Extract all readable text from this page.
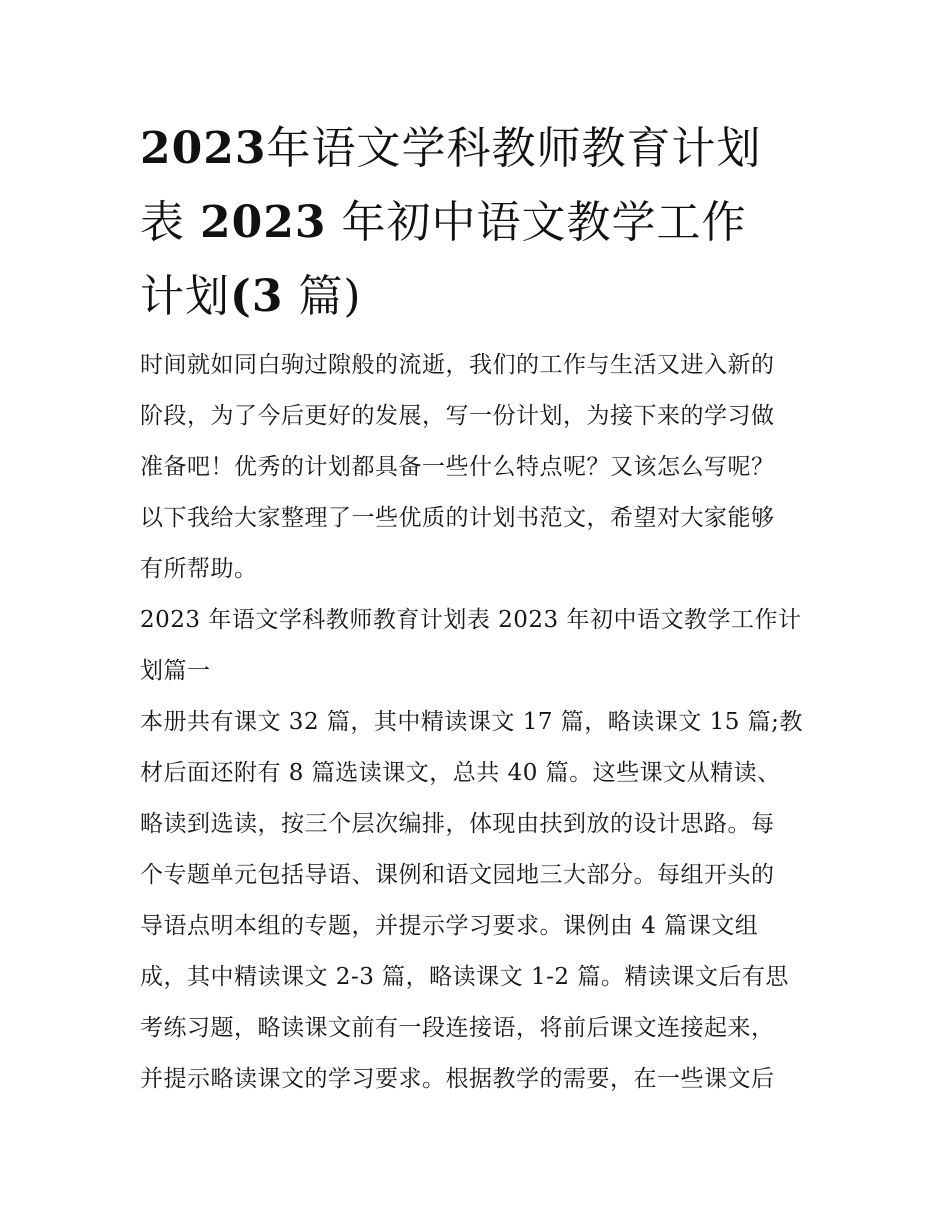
2023年语文学科教师教育计划
表 2023 年初中语文教学工作
计划(3 篇)

时间就如同白驹过隙般的流逝，我们的工作与生活又进入新的
阶段，为了今后更好的发展，写一份计划，为接下来的学习做
准备吧！优秀的计划都具备一些什么特点呢？又该怎么写呢？
以下我给大家整理了一些优质的计划书范文，希望对大家能够
有所帮助。

2023 年语文学科教师教育计划表 2023 年初中语文教学工作计
划篇一

本册共有课文 32 篇，其中精读课文 17 篇，略读课文 15 篇;教
材后面还附有 8 篇选读课文，总共 40 篇。这些课文从精读、
略读到选读，按三个层次编排，体现由扶到放的设计思路。每
个专题单元包括导语、课例和语文园地三大部分。每组开头的
导语点明本组的专题，并提示学习要求。课例由 4 篇课文组
成，其中精读课文 2-3 篇，略读课文 1-2 篇。精读课文后有思
考练习题，略读课文前有一段连接语，将前后课文连接起来，
并提示略读课文的学习要求。根据教学的需要，在一些课文后
